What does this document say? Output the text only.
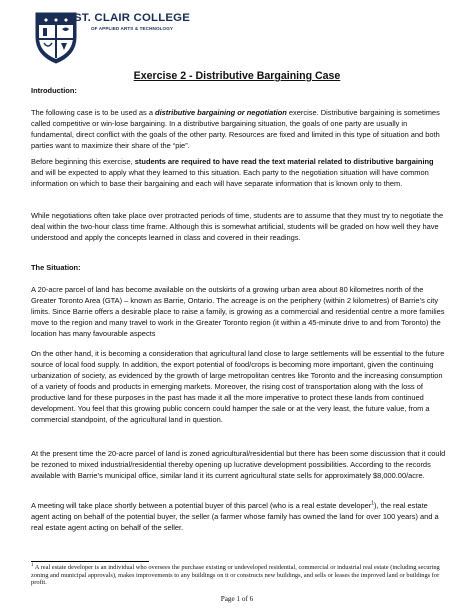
ST. CLAIR COLLEGE
OF APPLIED ARTS & TECHNOLOGY
Exercise 2 - Distributive Bargaining Case

Introduction:

The following case is to be used as a distributive bargaining or negotiation exercise. Distributive bargaining is sometimes called competitive or win-lose bargaining. In a distributive bargaining situation, the goals of one party are usually in fundamental, direct conflict with the goals of the other party. Resources are fixed and limited in this type of situation and both parties want to maximize their share of the “pie”.

Before beginning this exercise, students are required to have read the text material related to distributive bargaining and will be expected to apply what they learned to this situation. Each party to the negotiation situation will have common information on which to base their bargaining and each will have separate information that is known only to them.

While negotiations often take place over protracted periods of time, students are to assume that they must try to negotiate the deal within the two-hour class time frame. Although this is somewhat artificial, students will be graded on how well they have understood and apply the concepts learned in class and covered in their readings.

The Situation:

A 20-acre parcel of land has become available on the outskirts of a growing urban area about 80 kilometres north of the Greater Toronto Area (GTA) – known as Barrie, Ontario. The acreage is on the periphery (within 2 kilometres) of Barrie’s city limits. Since Barrie offers a desirable place to raise a family, is growing as a commercial and residential centre a more families move to the region and many travel to work in the Greater Toronto region (it within a 45-minute drive to and from Toronto) the location has many favourable aspects

On the other hand, it is becoming a consideration that agricultural land close to large settlements will be essential to the future source of local food supply. In addition, the export potential of food/crops is becoming more important, given the continuing urbanization of society, as evidenced by the growth of large metropolitan centres like Toronto and the increasing consumption of a variety of foods and products in emerging markets. Moreover, the rising cost of transportation along with the loss of productive land for these purposes in the past has made it all the more imperative to protect these lands from continued development. You feel that this growing public concern could hamper the sale or at the very least, the future value, from a commercial standpoint, of the agricultural land in question.

At the present time the 20-acre parcel of land is zoned agricultural/residential but there has been some discussion that it could be rezoned to mixed industrial/residential thereby opening up lucrative development possibilities. According to the records available with Barrie’s municipal office, similar land it its current agricultural state sells for approximately $8,000.00/acre.

A meeting will take place shortly between a potential buyer of this parcel (who is a real estate developer$^1$), the real estate agent acting on behalf of the potential buyer, the seller (a farmer whose family has owned the land for over 100 years) and a real estate agent acting on behalf of the seller.

$^1$ A real estate developer is an individual who oversees the purchase existing or undeveloped residential, commercial or industrial real estate (including securing zoning and municipal approvals), makes improvements to any buildings on it or constructs new buildings, and sells or leases the improved land or buildings for profit.
Page 1 of 6
